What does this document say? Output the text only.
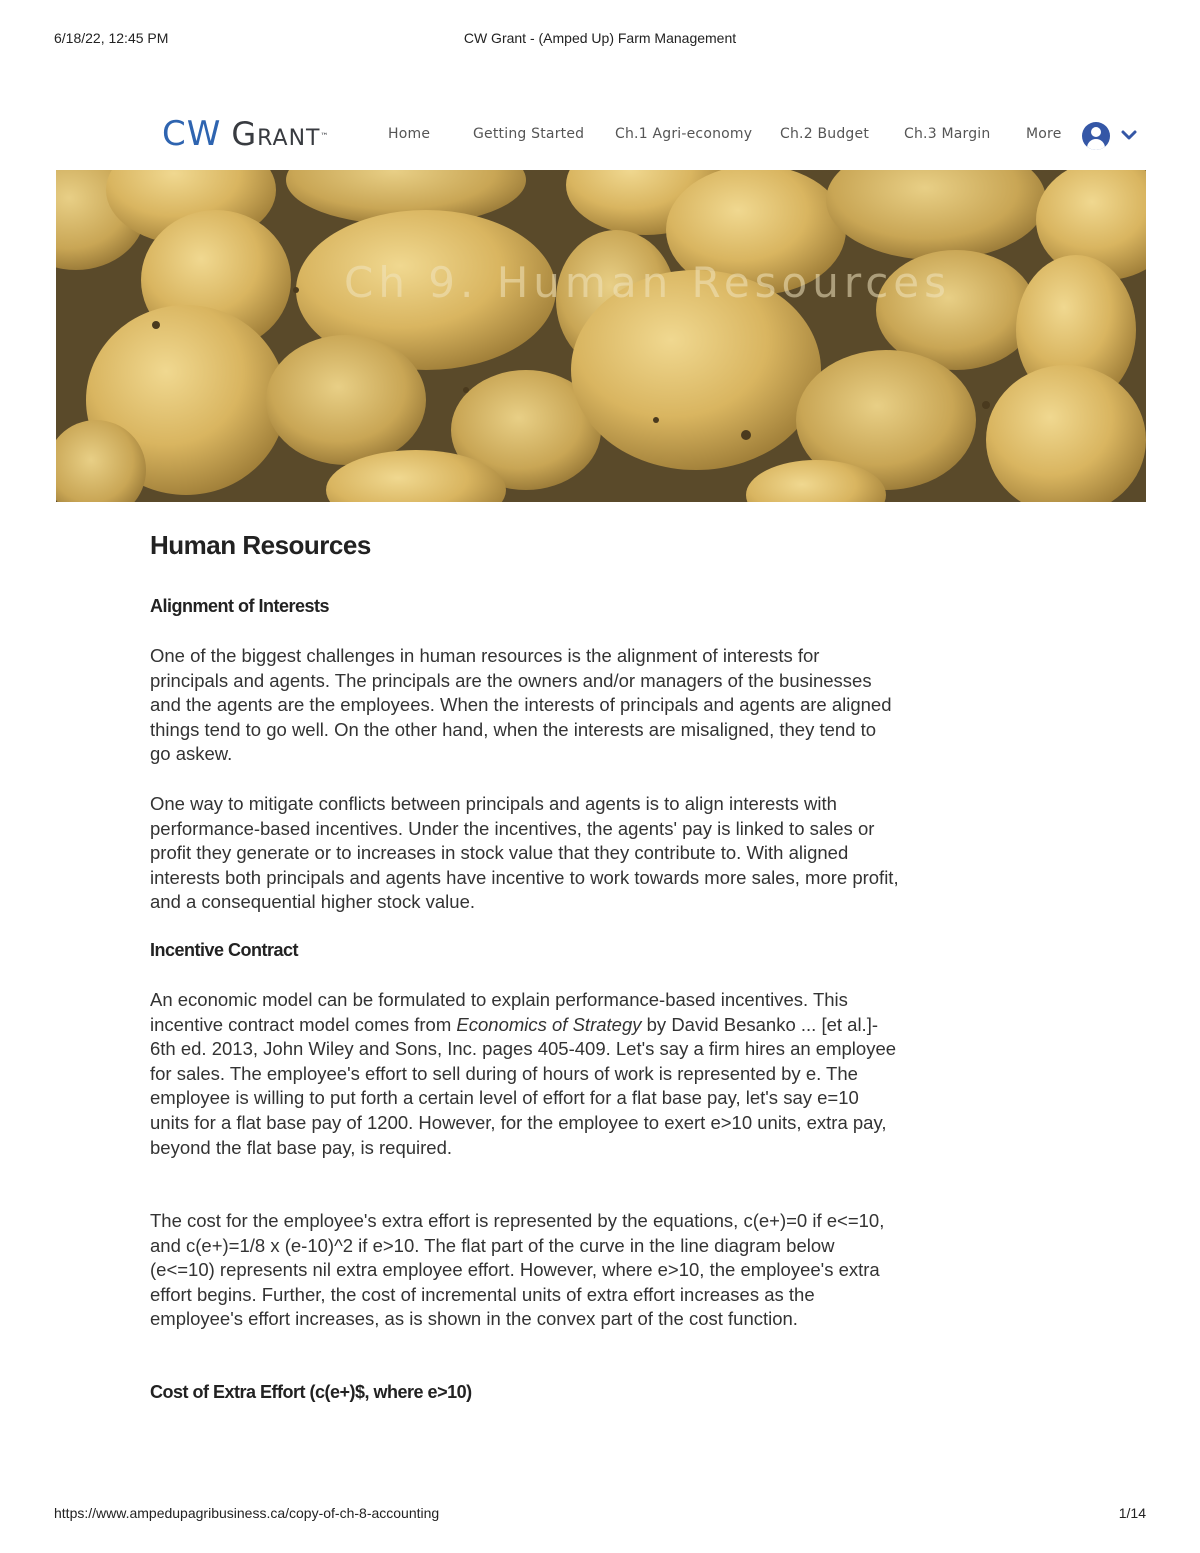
6/18/22, 12:45 PM	CW Grant - (Amped Up) Farm Management
CW Grant™	Home	Getting Started Ch.1 Agri-economy Ch.2 Budget Ch.3 Margin	More
Ch 9. Human Resources
Human Resources
Alignment of Interests

One of the biggest challenges in human resources is the alignment of interests for principals and agents. The principals are the owners and/or managers of the businesses and the agents are the employees. When the interests of principals and agents are aligned things tend to go well. On the other hand, when the interests are misaligned, they tend to go askew.

One way to mitigate conflicts between principals and agents is to align interests with performance-based incentives. Under the incentives, the agents' pay is linked to sales or profit they generate or to increases in stock value that they contribute to. With aligned interests both principals and agents have incentive to work towards more sales, more profit, and a consequential higher stock value.

Incentive Contract

An economic model can be formulated to explain performance-based incentives. This incentive contract model comes from Economics of Strategy by David Besanko ... [et al.]- 6th ed. 2013, John Wiley and Sons, Inc. pages 405-409. Let's say a firm hires an employee for sales. The employee's effort to sell during of hours of work is represented by e. The employee is willing to put forth a certain level of effort for a flat base pay, let's say e=10 units for a flat base pay of 1200. However, for the employee to exert e>10 units, extra pay, beyond the flat base pay, is required.

The cost for the employee's extra effort is represented by the equations, c(e+)=0 if e<=10, and c(e+)=1/8 x (e-10)^2 if e>10. The flat part of the curve in the line diagram below (e<=10) represents nil extra employee effort. However, where e>10, the employee's extra effort begins. Further, the cost of incremental units of extra effort increases as the employee's effort increases, as is shown in the convex part of the cost function.

Cost of Extra Effort (c(e+)$, where e>10)
https://www.ampedupagribusiness.ca/copy-of-ch-8-accounting	1/14
